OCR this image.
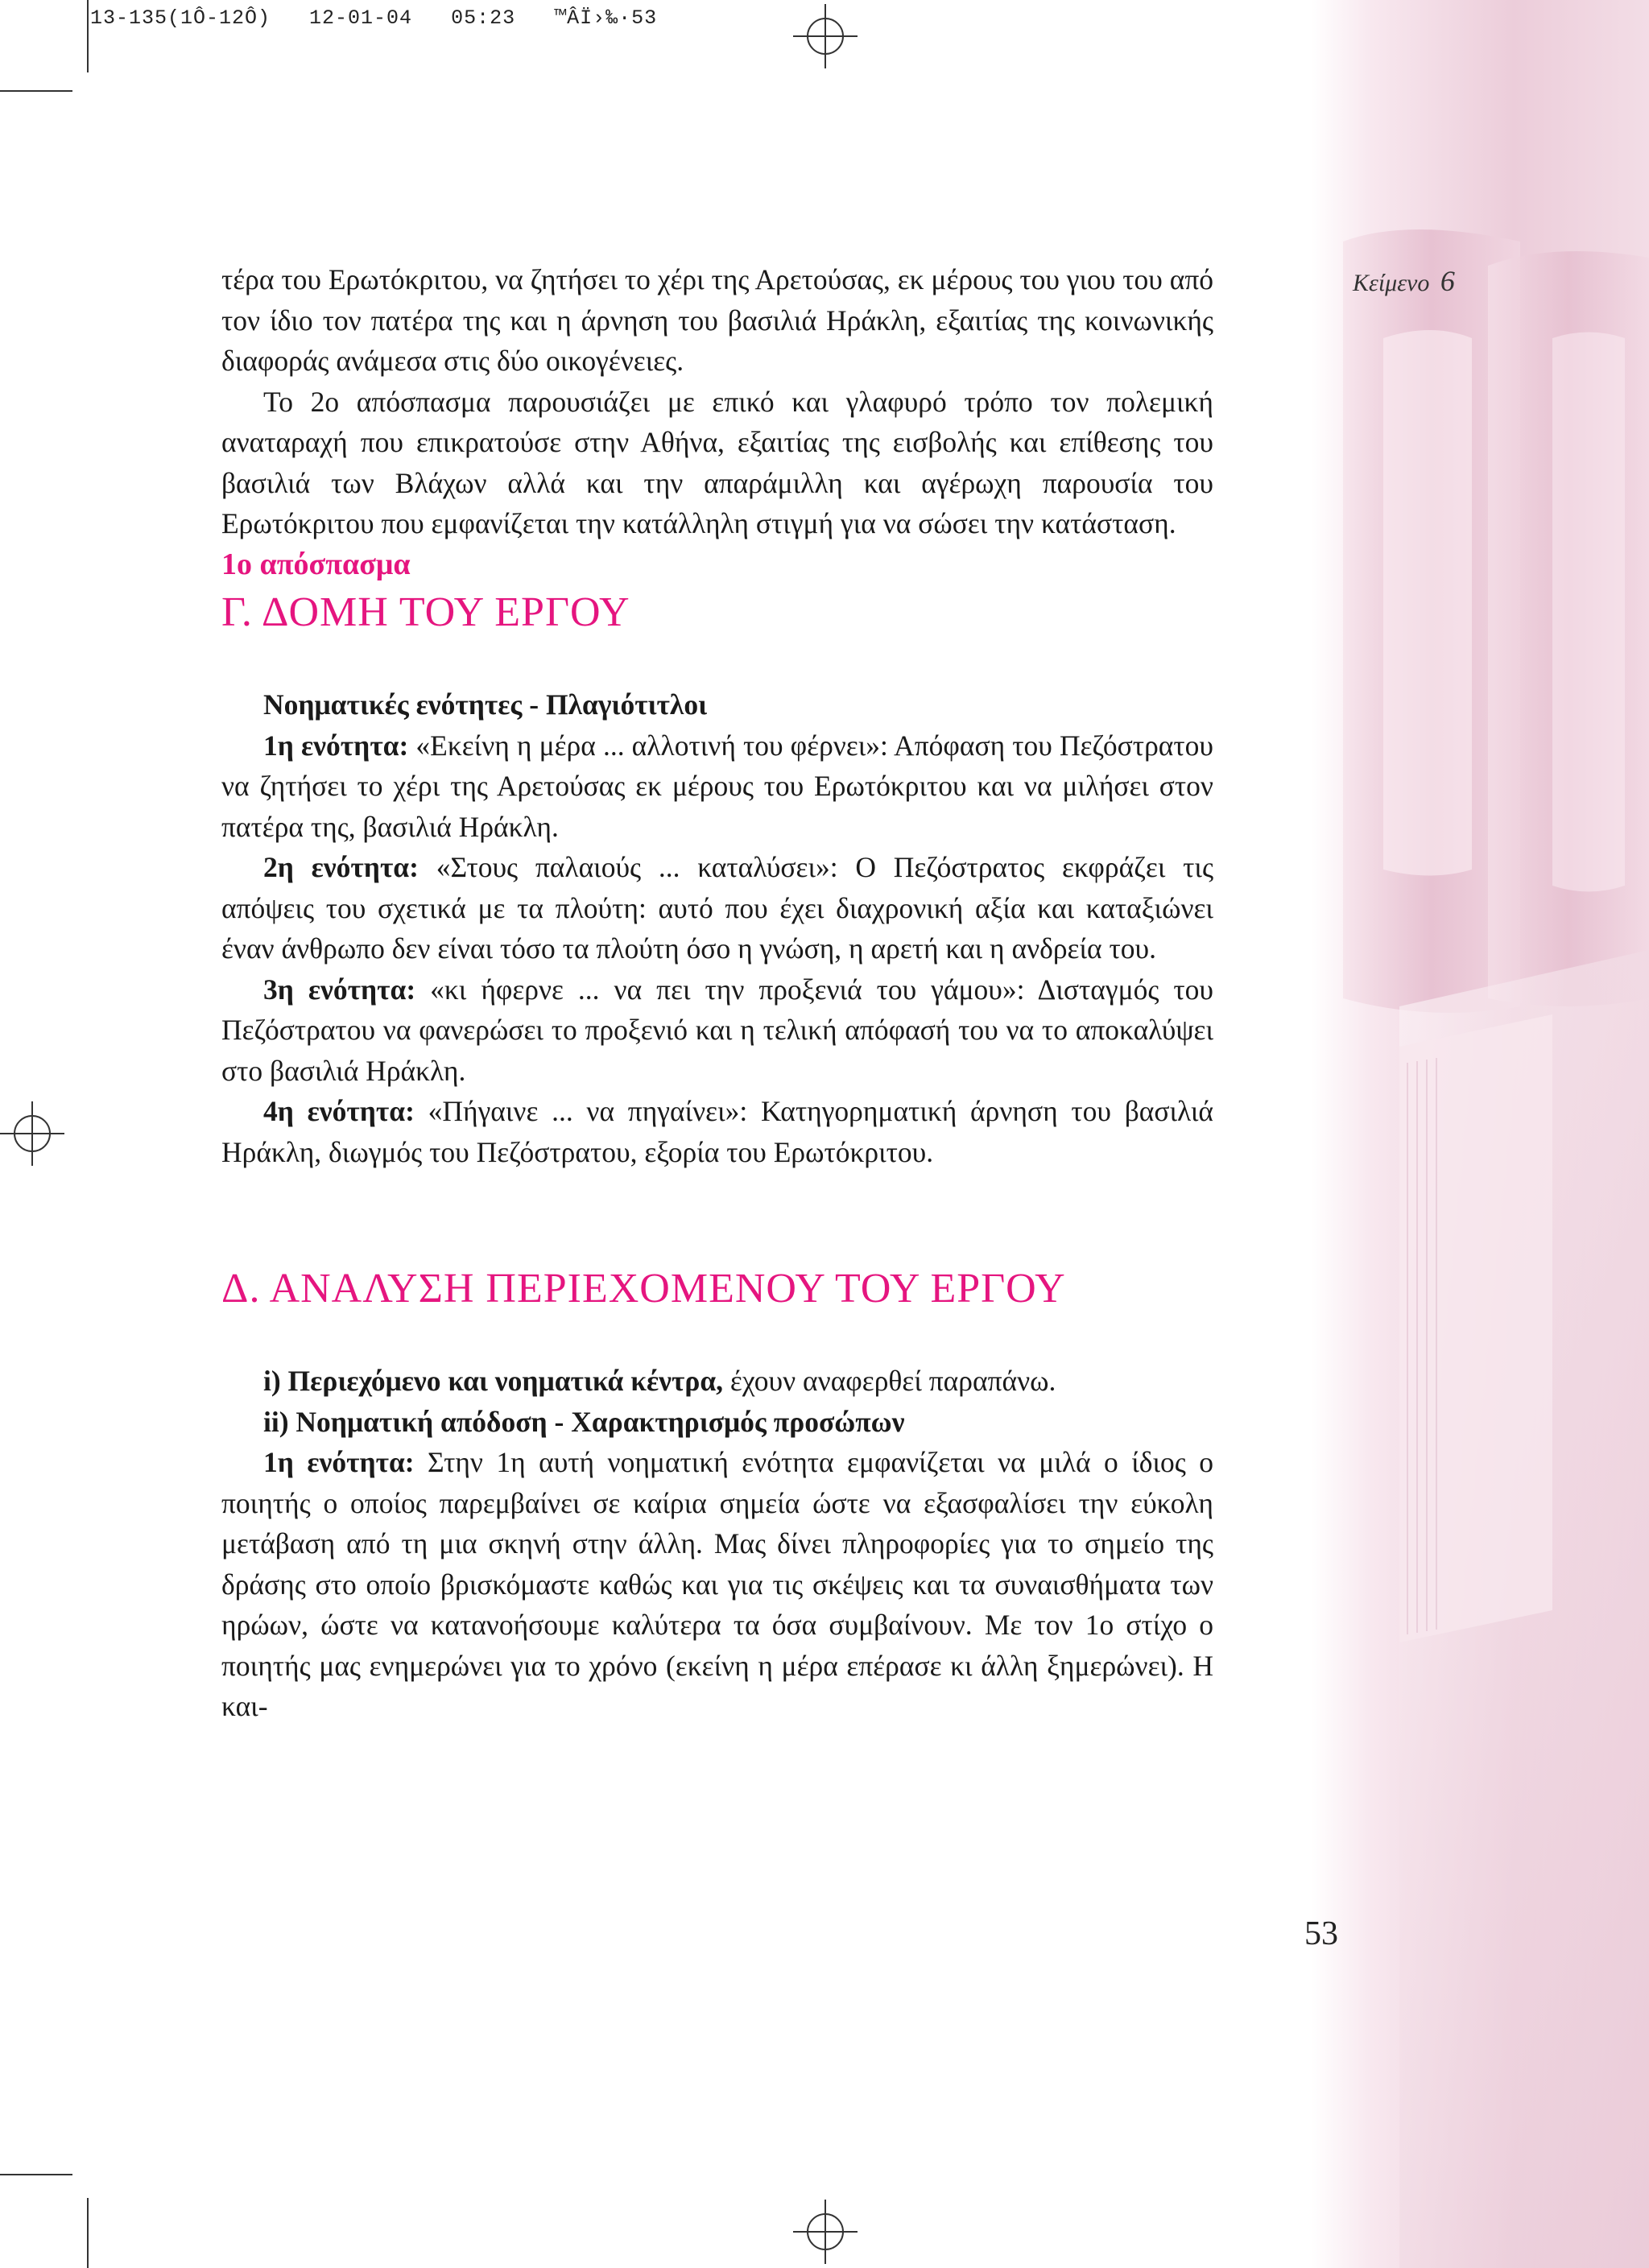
13-135(1Ô-12Ô)   12-01-04   05:23   ™ÂÏ›‰·53
Κείμενο 6
53

τέρα του Ερωτόκριτου, να ζητήσει το χέρι της Αρετούσας, εκ μέρους του γιου του από τον ίδιο τον πατέρα της και η άρνηση του βασιλιά Ηράκλη, εξαιτίας της κοινωνικής διαφοράς ανάμεσα στις δύο οικογένειες.

Το 2ο απόσπασμα παρουσιάζει με επικό και γλαφυρό τρόπο τον πολεμική αναταραχή που επικρατούσε στην Αθήνα, εξαιτίας της εισβολής και επίθεσης του βασιλιά των Βλάχων αλλά και την απαράμιλλη και αγέρωχη παρουσία του Ερωτόκριτου που εμφανίζεται την κατάλληλη στιγμή για να σώσει την κατάσταση.

1ο απόσπασμα

Γ. ΔΟΜΗ ΤΟΥ ΕΡΓΟΥ

Νοηματικές ενότητες - Πλαγιότιτλοι

1η ενότητα: «Εκείνη η μέρα ... αλλοτινή του φέρνει»: Απόφαση του Πεζόστρατου να ζητήσει το χέρι της Αρετούσας εκ μέρους του Ερωτόκριτου και να μιλήσει στον πατέρα της, βασιλιά Ηράκλη.

2η ενότητα: «Στους παλαιούς ... καταλύσει»: Ο Πεζόστρατος εκφράζει τις απόψεις του σχετικά με τα πλούτη: αυτό που έχει διαχρονική αξία και καταξιώνει έναν άνθρωπο δεν είναι τόσο τα πλούτη όσο η γνώση, η αρετή και η ανδρεία του.

3η ενότητα: «κι ήφερνε ... να πει την προξενιά του γάμου»: Δισταγμός του Πεζόστρατου να φανερώσει το προξενιό και η τελική απόφασή του να το αποκαλύψει στο βασιλιά Ηράκλη.

4η ενότητα: «Πήγαινε ... να πηγαίνει»: Κατηγορηματική άρνηση του βασιλιά Ηράκλη, διωγμός του Πεζόστρατου, εξορία του Ερωτόκριτου.

Δ. ΑΝΑΛΥΣΗ ΠΕΡΙΕΧΟΜΕΝΟΥ ΤΟΥ ΕΡΓΟΥ

i) Περιεχόμενο και νοηματικά κέντρα, έχουν αναφερθεί παραπάνω.

ii) Νοηματική απόδοση - Χαρακτηρισμός προσώπων

1η ενότητα: Στην 1η αυτή νοηματική ενότητα εμφανίζεται να μιλά ο ίδιος ο ποιητής ο οποίος παρεμβαίνει σε καίρια σημεία ώστε να εξασφαλίσει την εύκολη μετάβαση από τη μια σκηνή στην άλλη. Μας δίνει πληροφορίες για το σημείο της δράσης στο οποίο βρισκόμαστε καθώς και για τις σκέψεις και τα συναισθήματα των ηρώων, ώστε να κατανοήσουμε καλύτερα τα όσα συμβαίνουν. Με τον 1ο στίχο ο ποιητής μας ενημερώνει για το χρόνο (εκείνη η μέρα επέρασε κι άλλη ξημερώνει). Η και-
